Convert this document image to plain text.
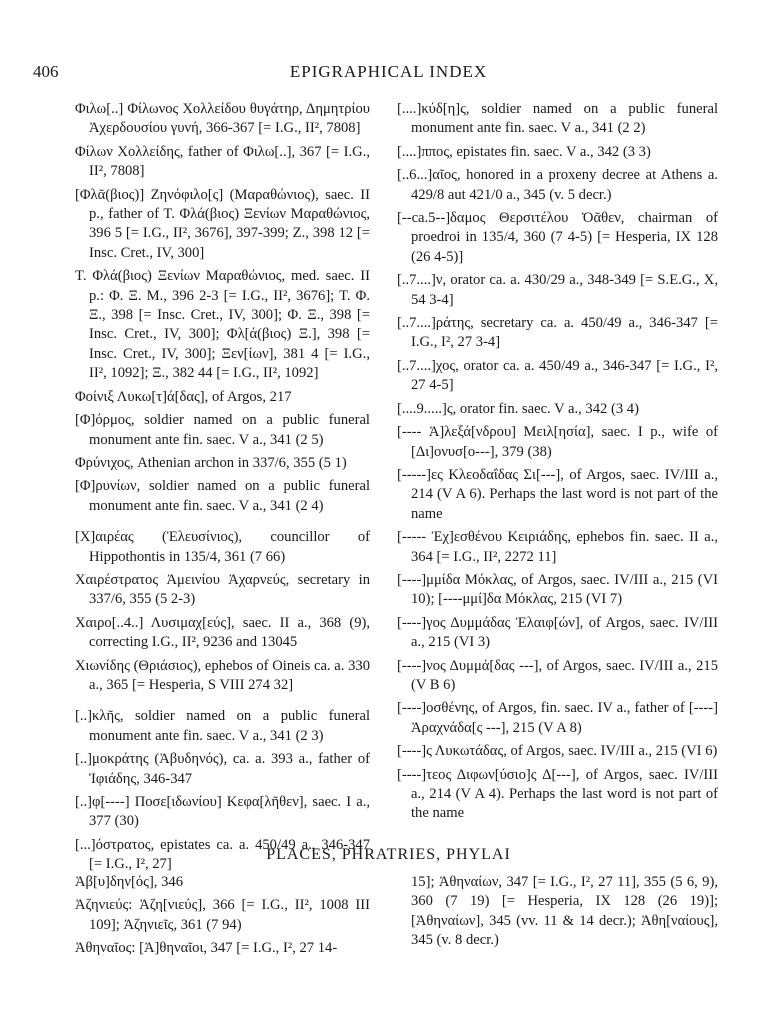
406	EPIGRAPHICAL INDEX

Φιλω[..] Φίλωνος Χολλείδου θυγάτηρ, Δημητρίου Ἀχερδουσίου γυνή, 366-367 [= I.G., II², 7808]

Φίλων Χολλείδης, father of Φιλω[..], 367 [= I.G., II², 7808]

[Φλᾶ(βιος)] Ζηνόφιλο[ς] (Μαραθώνιος), saec. II p., father of T. Φλά(βιος) Ξενίων Μαραθώνιος, 396 5 [= I.G., II², 3676], 397-399; Z., 398 12 [= Insc. Cret., IV, 300]

T. Φλά(βιος) Ξενίων Μαραθώνιος, med. saec. II p.: Φ. Ξ. M., 396 2-3 [= I.G., II², 3676]; T. Φ. Ξ., 398 [= Insc. Cret., IV, 300]; Φ. Ξ., 398 [= Insc. Cret., IV, 300]; Φλ[ά(βιος) Ξ.], 398 [= Insc. Cret., IV, 300]; Ξεν[ίων], 381 4 [= I.G., II², 1092]; Ξ., 382 44 [= I.G., II², 1092]

Φοίνιξ Λυκω[τ]ά[δας], of Argos, 217

[Φ]όρμος, soldier named on a public funeral monument ante fin. saec. V a., 341 (2 5)

Φρύνιχος, Athenian archon in 337/6, 355 (5 1)

[Φ]ρυνίων, soldier named on a public funeral monument ante fin. saec. V a., 341 (2 4)

[X]αιρέας (Ἐλευσίνιος), councillor of Hippothontis in 135/4, 361 (7 66)

Χαιρέστρατος Ἀμεινίου Ἀχαρνεύς, secretary in 337/6, 355 (5 2-3)

Χαιρο[..4..] Λυσιμαχ[εύς], saec. II a., 368 (9), correcting I.G., II², 9236 and 13045

Χιωνίδης (Θριάσιος), ephebos of Oineis ca. a. 330 a., 365 [= Hesperia, S VIII 274 32]

[..]κλῆς, soldier named on a public funeral monument ante fin. saec. V a., 341 (2 3)

[..]μοκράτης (Ἀβυδηνός), ca. a. 393 a., father of Ἰφιάδης, 346-347

[..]φ[----] Ποσε[ιδωνίου] Κεφα[λῆθεν], saec. I a., 377 (30)

[...]όστρατος, epistates ca. a. 450/49 a., 346-347 [= I.G., I², 27]

[....]κύδ[η]ς, soldier named on a public funeral monument ante fin. saec. V a., 341 (2 2)

[....]ππος, epistates fin. saec. V a., 342 (3 3)

[..6...]αῖος, honored in a proxeny decree at Athens a. 429/8 aut 421/0 a., 345 (v. 5 decr.)

[--ca.5--]δαμος Θερσιτέλου Ὀᾶθεν, chairman of proedroi in 135/4, 360 (7 4-5) [= Hesperia, IX 128 (26 4-5)]

[..7....]ν, orator ca. a. 430/29 a., 348-349 [= S.E.G., X, 54 3-4]

[..7....]ράτης, secretary ca. a. 450/49 a., 346-347 [= I.G., I², 27 3-4]

[..7....]χος, orator ca. a. 450/49 a., 346-347 [= I.G., I², 27 4-5]

[....9.....]ς, orator fin. saec. V a., 342 (3 4)

[---- Ἀ]λεξά[νδρου] Μειλ[ησία], saec. I p., wife of [Δι]ονυσ[ο---], 379 (38)

[-----]ες Κλεοδαΐδας Σι[---], of Argos, saec. IV/III a., 214 (V A 6). Perhaps the last word is not part of the name

[----- Ἐχ]εσθένου Κειριάδης, ephebos fin. saec. II a., 364 [= I.G., II², 2272 11]

[----]μμίδα Μόκλας, of Argos, saec. IV/III a., 215 (VI 10); [----μμί]δα Μόκλας, 215 (VI 7)

[----]γος Δυμμάδας Ἐλαιφ[ών], of Argos, saec. IV/III a., 215 (VI 3)

[----]νος Δυμμά[δας ---], of Argos, saec. IV/III a., 215 (V B 6)

[----]οσθένης, of Argos, fin. saec. IV a., father of [----] Ἀραχνάδα[ς ---], 215 (V A 8)

[----]ς Λυκωτάδας, of Argos, saec. IV/III a., 215 (VI 6)

[----]τεος Διφων[ύσιο]ς Δ[---], of Argos, saec. IV/III a., 214 (V A 4). Perhaps the last word is not part of the name

PLACES, PHRATRIES, PHYLAI

Ἀβ[υ]δην[ός], 346

Ἀζηνιεύς: Ἀζη[νιεύς], 366 [= I.G., II², 1008 III 109]; Ἀζηνιεῖς, 361 (7 94)

Ἀθηναῖος: [Ἀ]θηναῖοι, 347 [= I.G., I², 27 14-

15]; Ἀθηναίων, 347 [= I.G., I², 27 11], 355 (5 6, 9), 360 (7 19) [= Hesperia, IX 128 (26 19)]; [Ἀθηναίων], 345 (vv. 11 & 14 decr.); Ἀθη[ναίους], 345 (v. 8 decr.)
